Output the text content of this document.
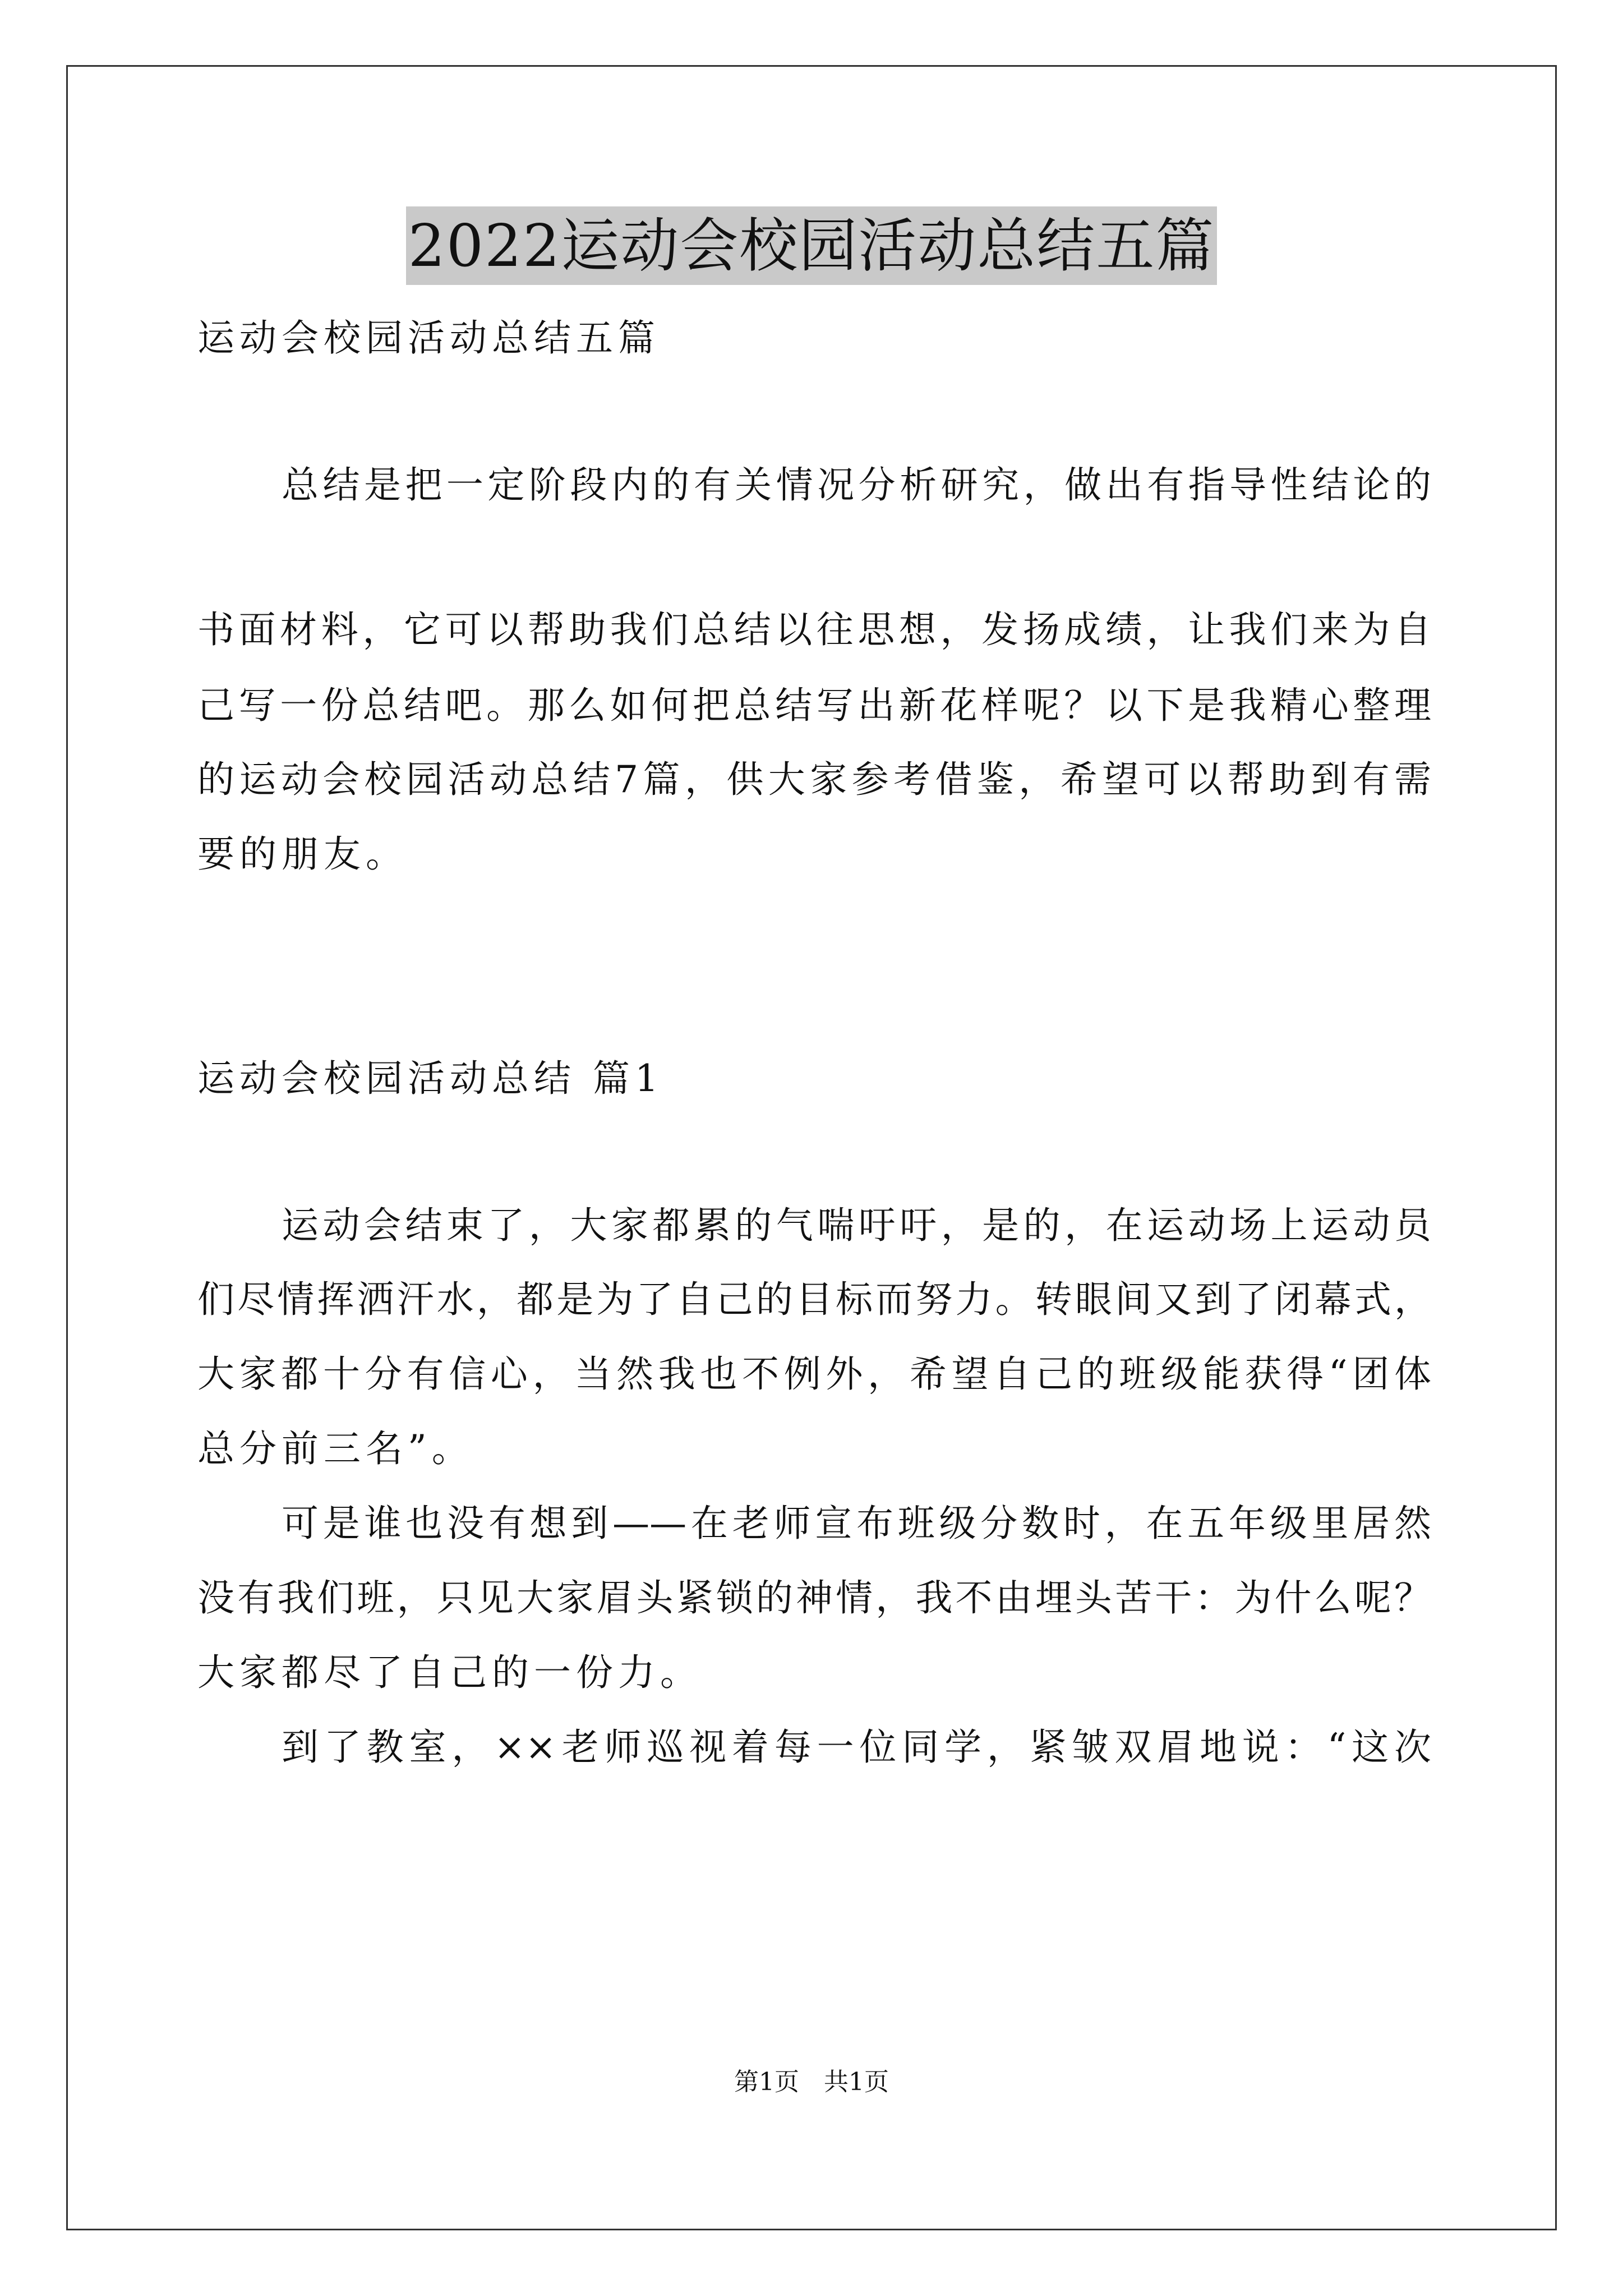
2022运动会校园活动总结五篇
运动会校园活动总结五篇
总结是把一定阶段内的有关情况分析研究，做出有指导性结论的
书面材料，它可以帮助我们总结以往思想，发扬成绩，让我们来为自
己写一份总结吧。那么如何把总结写出新花样呢？以下是我精心整理
的运动会校园活动总结7篇，供大家参考借鉴，希望可以帮助到有需
要的朋友。
运动会校园活动总结 篇1
运动会结束了，大家都累的气喘吁吁，是的，在运动场上运动员
们尽情挥洒汗水，都是为了自己的目标而努力。转眼间又到了闭幕式，
大家都十分有信心，当然我也不例外，希望自己的班级能获得“团体
总分前三名”。
可是谁也没有想到——在老师宣布班级分数时，在五年级里居然
没有我们班，只见大家眉头紧锁的神情，我不由埋头苦干：为什么呢？
大家都尽了自己的一份力。
到了教室，××老师巡视着每一位同学，紧皱双眉地说：“这次
第1页　共1页
